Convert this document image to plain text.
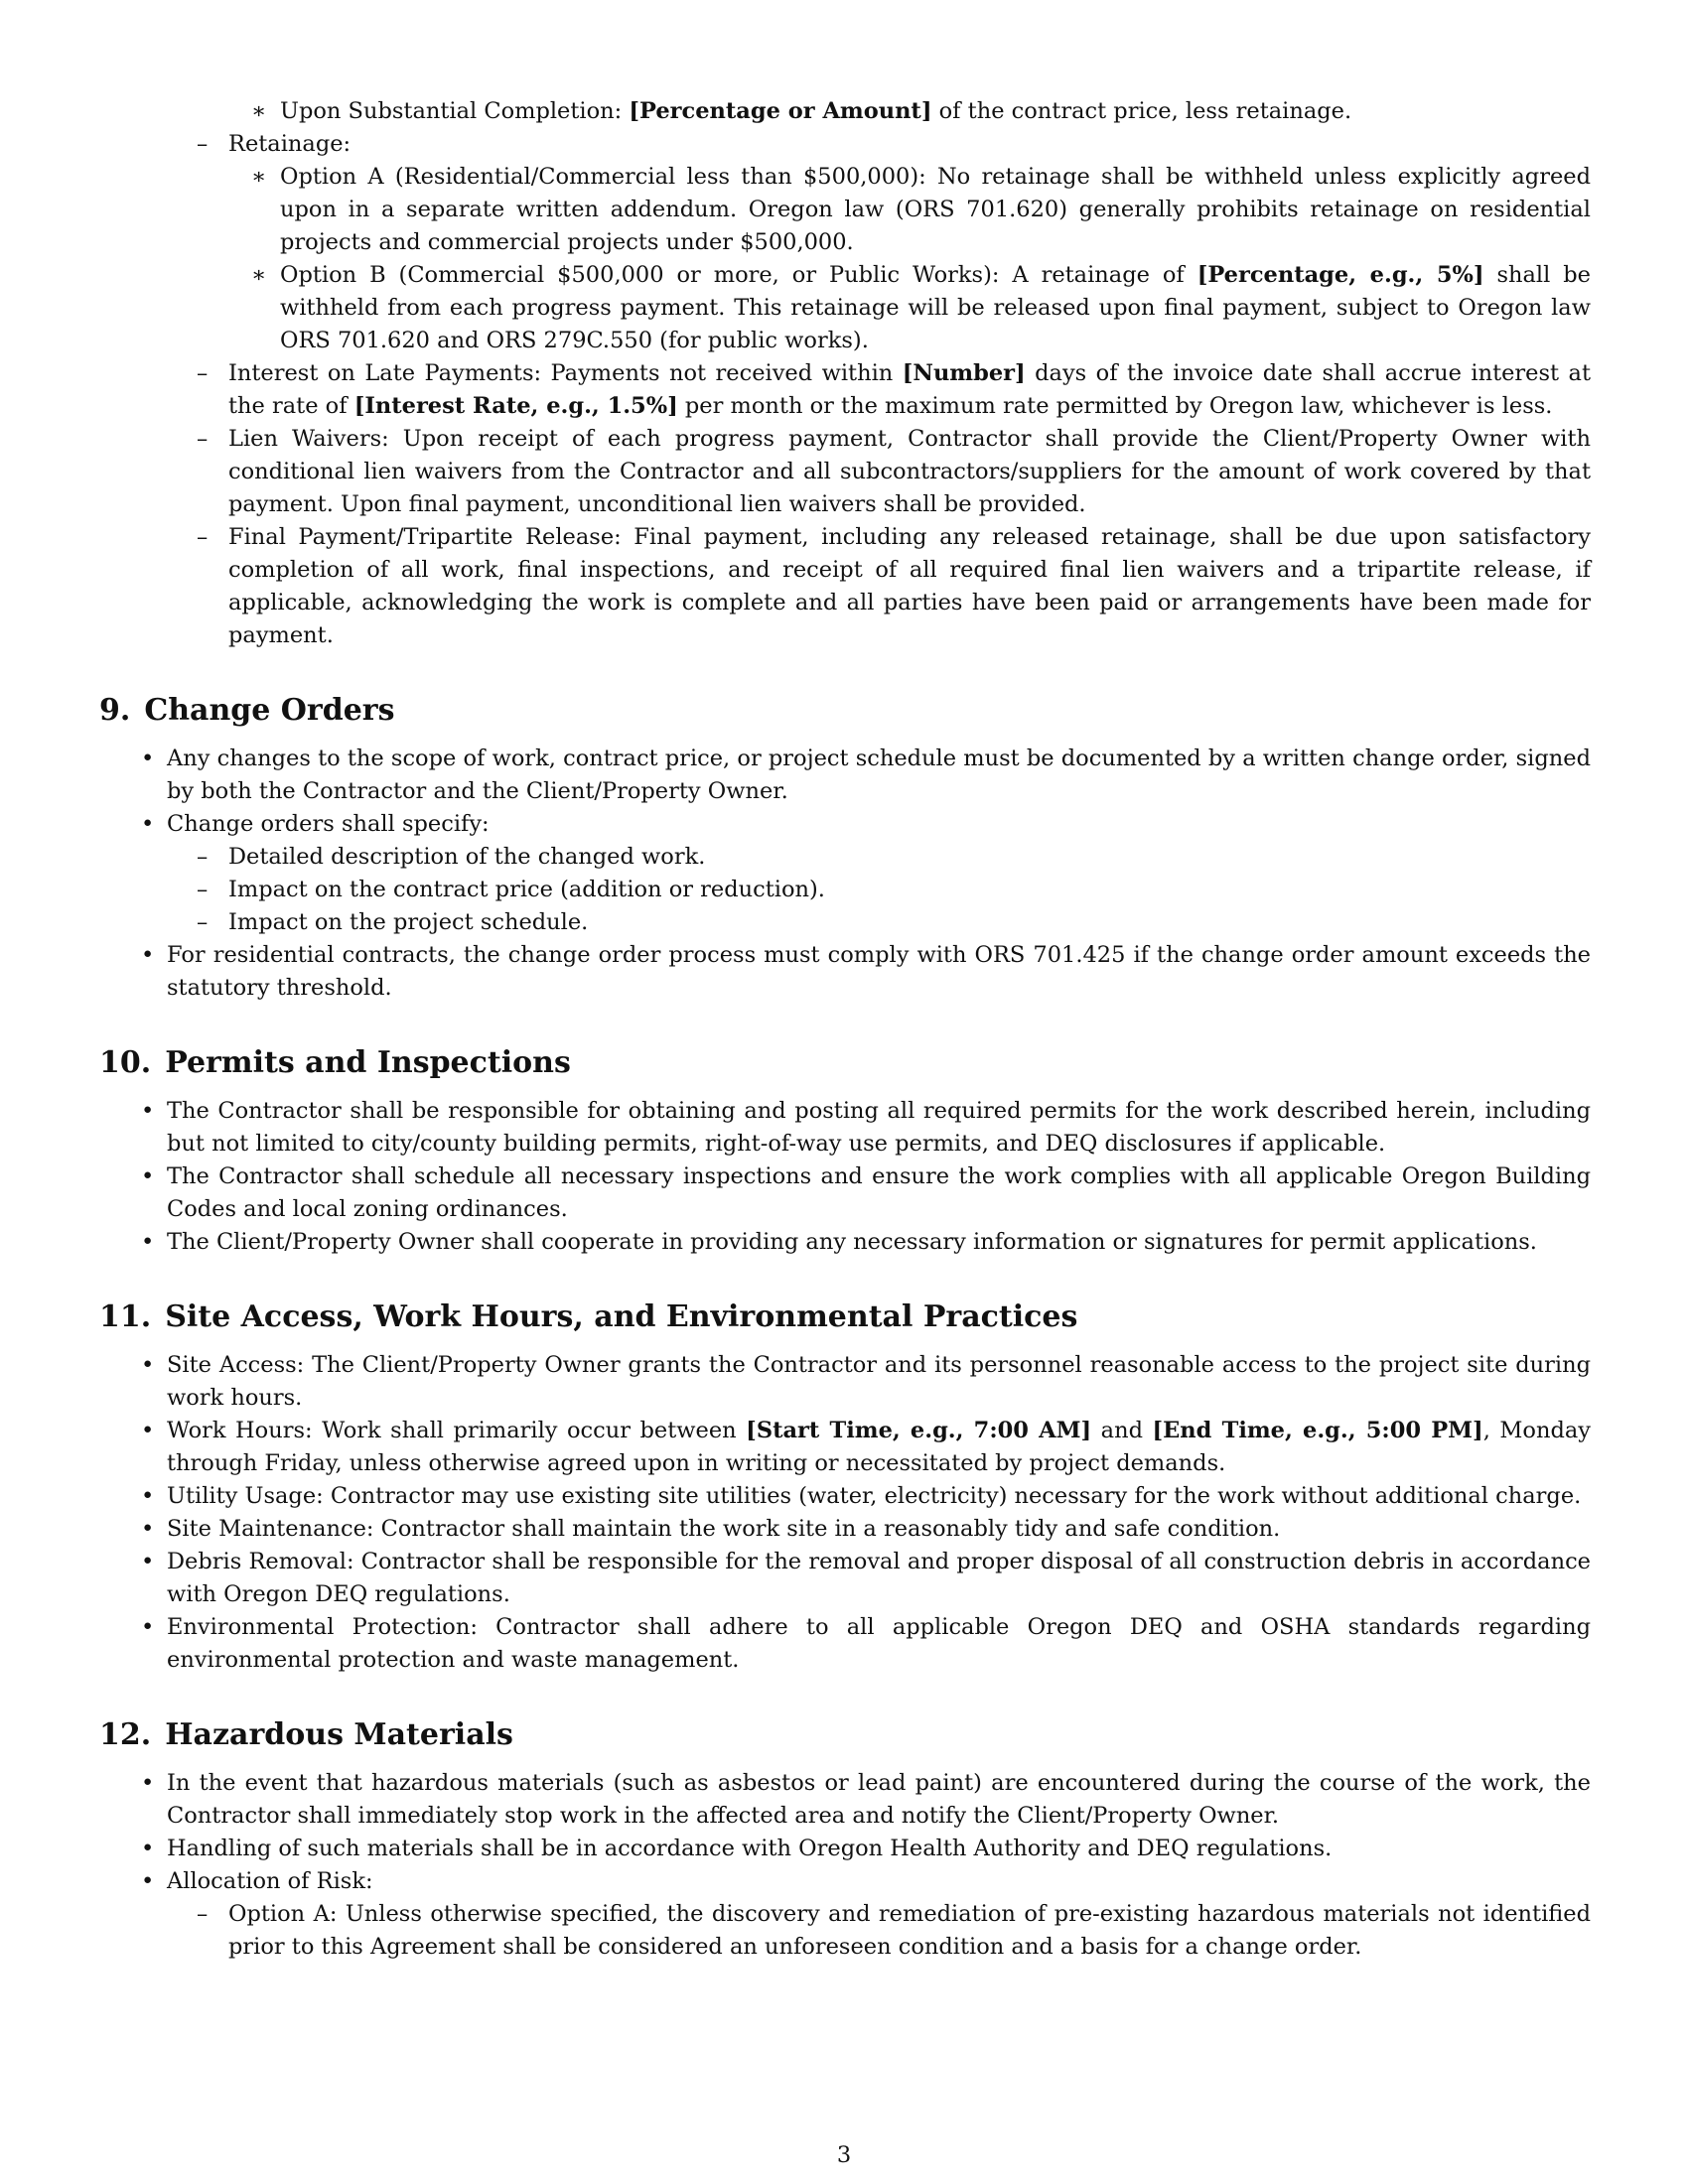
∗ Upon Substantial Completion: [Percentage or Amount] of the contract price, less retainage.
– Retainage:
∗ Option A (Residential/Commercial less than $500,000): No retainage shall be withheld unless explicitly agreed upon in a separate written addendum. Oregon law (ORS 701.620) generally prohibits retainage on residential projects and commercial projects under $500,000.
∗ Option B (Commercial $500,000 or more, or Public Works): A retainage of [Percentage, e.g., 5%] shall be withheld from each progress payment. This retainage will be released upon final payment, subject to Oregon law ORS 701.620 and ORS 279C.550 (for public works).
– Interest on Late Payments: Payments not received within [Number] days of the invoice date shall accrue interest at the rate of [Interest Rate, e.g., 1.5%] per month or the maximum rate permitted by Oregon law, whichever is less.
– Lien Waivers: Upon receipt of each progress payment, Contractor shall provide the Client/Property Owner with conditional lien waivers from the Contractor and all subcontractors/suppliers for the amount of work covered by that payment. Upon final payment, unconditional lien waivers shall be provided.
– Final Payment/Tripartite Release: Final payment, including any released retainage, shall be due upon satisfactory completion of all work, final inspections, and receipt of all required final lien waivers and a tripartite release, if applicable, acknowledging the work is complete and all parties have been paid or arrangements have been made for payment.
9. Change Orders
• Any changes to the scope of work, contract price, or project schedule must be documented by a written change order, signed by both the Contractor and the Client/Property Owner.
• Change orders shall specify:
– Detailed description of the changed work.
– Impact on the contract price (addition or reduction).
– Impact on the project schedule.
• For residential contracts, the change order process must comply with ORS 701.425 if the change order amount exceeds the statutory threshold.
10. Permits and Inspections
• The Contractor shall be responsible for obtaining and posting all required permits for the work described herein, including but not limited to city/county building permits, right-of-way use permits, and DEQ disclosures if applicable.
• The Contractor shall schedule all necessary inspections and ensure the work complies with all applicable Oregon Building Codes and local zoning ordinances.
• The Client/Property Owner shall cooperate in providing any necessary information or signatures for permit applications.
11. Site Access, Work Hours, and Environmental Practices
• Site Access: The Client/Property Owner grants the Contractor and its personnel reasonable access to the project site during work hours.
• Work Hours: Work shall primarily occur between [Start Time, e.g., 7:00 AM] and [End Time, e.g., 5:00 PM], Monday through Friday, unless otherwise agreed upon in writing or necessitated by project demands.
• Utility Usage: Contractor may use existing site utilities (water, electricity) necessary for the work without additional charge.
• Site Maintenance: Contractor shall maintain the work site in a reasonably tidy and safe condition.
• Debris Removal: Contractor shall be responsible for the removal and proper disposal of all construction debris in accordance with Oregon DEQ regulations.
• Environmental Protection: Contractor shall adhere to all applicable Oregon DEQ and OSHA standards regarding environmental protection and waste management.
12. Hazardous Materials
• In the event that hazardous materials (such as asbestos or lead paint) are encountered during the course of the work, the Contractor shall immediately stop work in the affected area and notify the Client/Property Owner.
• Handling of such materials shall be in accordance with Oregon Health Authority and DEQ regulations.
• Allocation of Risk:
– Option A: Unless otherwise specified, the discovery and remediation of pre-existing hazardous materials not identified prior to this Agreement shall be considered an unforeseen condition and a basis for a change order.
3
